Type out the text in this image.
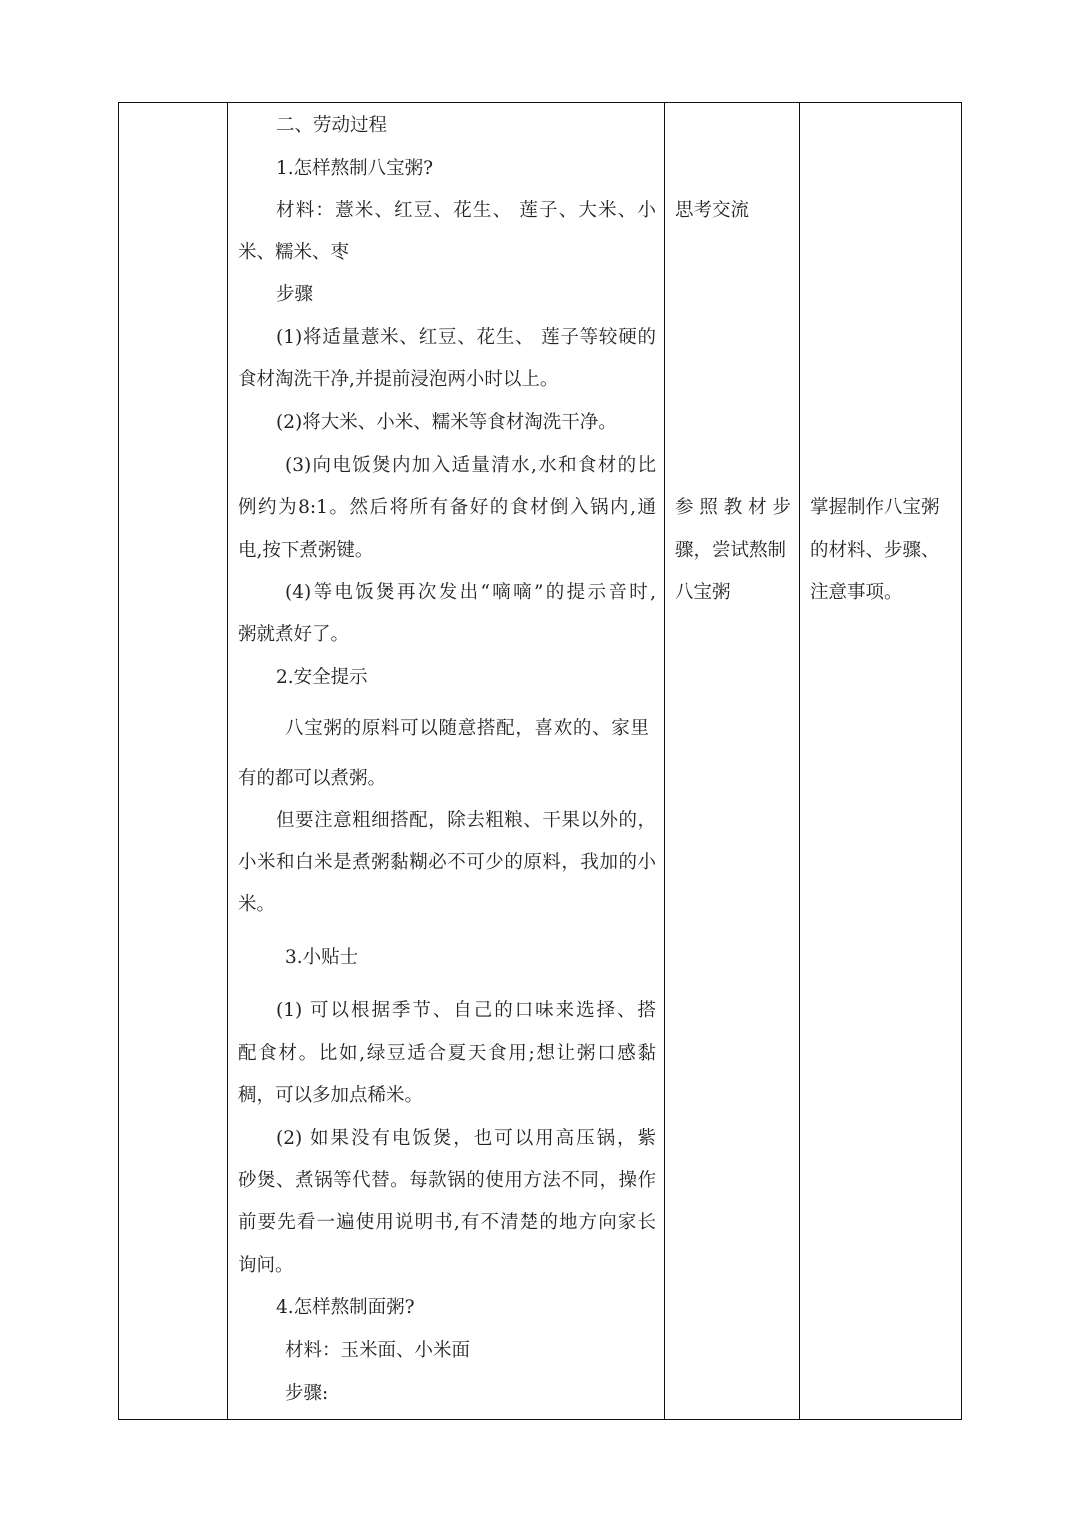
二、劳动过程
1.怎样熬制八宝粥?
材料：薏米、红豆、花生、 莲子、大米、小
米、糯米、枣
步骤
(1)将适量薏米、红豆、花生、 莲子等较硬的
食材淘洗干净,并提前浸泡两小时以上。
(2)将大米、小米、糯米等食材淘洗干净。
(3)向电饭煲内加入适量清水,水和食材的比
例约为8:1。然后将所有备好的食材倒入锅内,通
电,按下煮粥键。
(4)等电饭煲再次发出“嘀嘀”的提示音时,
粥就煮好了。
2.安全提示
八宝粥的原料可以随意搭配，喜欢的、家里
有的都可以煮粥。
但要注意粗细搭配，除去粗粮、干果以外的，
小米和白米是煮粥黏糊必不可少的原料，我加的小
米。
3.小贴士
(1) 可以根据季节、自己的口味来选择、搭
配食材。比如,绿豆适合夏天食用;想让粥口感黏
稠，可以多加点稀米。
(2) 如果没有电饭煲，也可以用高压锅，紫
砂煲、煮锅等代替。每款锅的使用方法不同，操作
前要先看一遍使用说明书,有不清楚的地方向家长
询问。
4.怎样熬制面粥?
材料：玉米面、小米面
步骤:
思考交流
参 照 教 材 步
骤，尝试熬制
八宝粥
掌握制作八宝粥
的材料、步骤、
注意事项。
